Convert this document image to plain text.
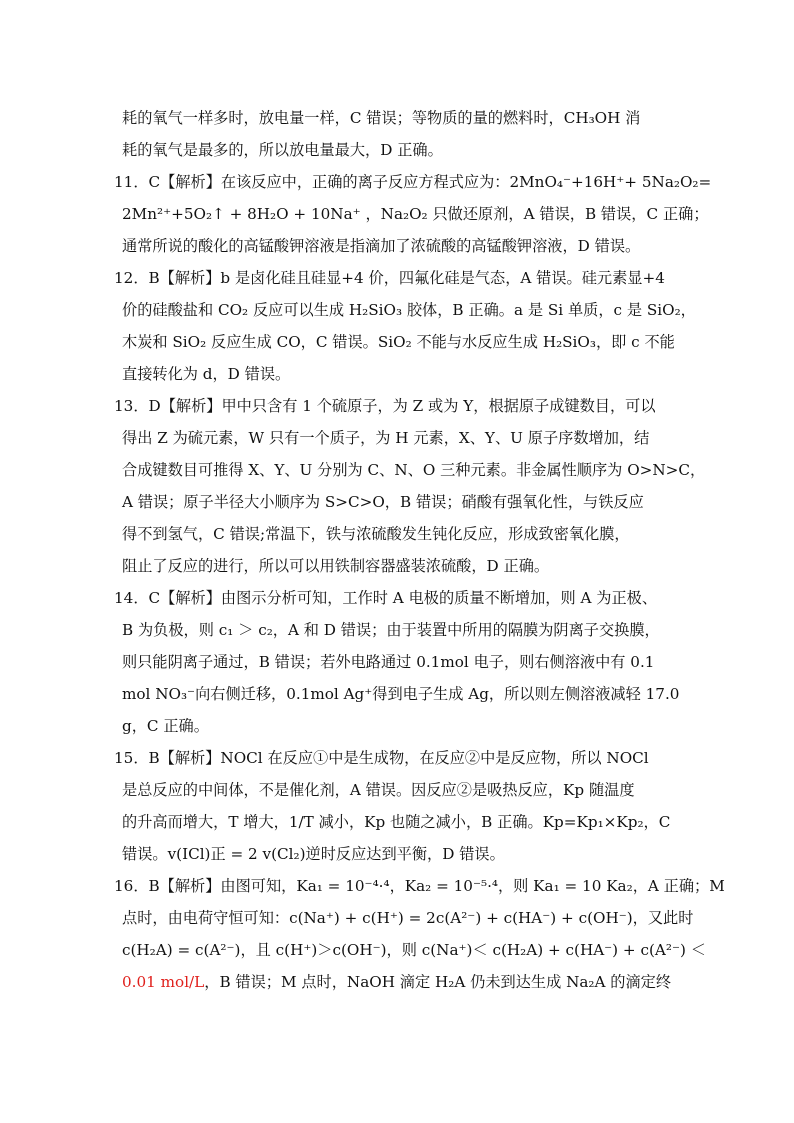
耗的氧气一样多时，放电量一样，C 错误；等物质的量的燃料时，CH₃OH 消
耗的氧气是最多的，所以放电量最大，D 正确。
11．C【解析】在该反应中，正确的离子反应方程式应为：2MnO₄⁻+16H⁺+ 5Na₂O₂=
2Mn²⁺+5O₂↑ + 8H₂O + 10Na⁺ ，Na₂O₂ 只做还原剂，A 错误，B 错误，C 正确；
通常所说的酸化的高锰酸钾溶液是指滴加了浓硫酸的高锰酸钾溶液，D 错误。
12．B【解析】b 是卤化硅且硅显+4 价，四氟化硅是气态，A 错误。硅元素显+4
价的硅酸盐和 CO₂ 反应可以生成 H₂SiO₃ 胶体，B 正确。a 是 Si 单质，c 是 SiO₂，
木炭和 SiO₂ 反应生成 CO，C 错误。SiO₂ 不能与水反应生成 H₂SiO₃，即 c 不能
直接转化为 d，D 错误。
13．D【解析】甲中只含有 1 个硫原子，为 Z 或为 Y，根据原子成键数目，可以
得出 Z 为硫元素，W 只有一个质子，为 H 元素，X、Y、U 原子序数增加，结
合成键数目可推得 X、Y、U 分别为 C、N、O 三种元素。非金属性顺序为 O>N>C，
A 错误；原子半径大小顺序为 S>C>O，B 错误；硝酸有强氧化性，与铁反应
得不到氢气，C 错误;常温下，铁与浓硫酸发生钝化反应，形成致密氧化膜，
阻止了反应的进行，所以可以用铁制容器盛装浓硫酸，D 正确。
14．C【解析】由图示分析可知，工作时 A 电极的质量不断增加，则 A 为正极、
B 为负极，则 c₁ ＞ c₂，A 和 D 错误；由于装置中所用的隔膜为阴离子交换膜，
则只能阴离子通过，B 错误；若外电路通过 0.1mol 电子，则右侧溶液中有 0.1
mol NO₃⁻向右侧迁移，0.1mol Ag⁺得到电子生成 Ag，所以则左侧溶液减轻 17.0
g，C 正确。
15．B【解析】NOCl 在反应①中是生成物，在反应②中是反应物，所以 NOCl
是总反应的中间体，不是催化剂，A 错误。因反应②是吸热反应，Kp 随温度
的升高而增大，T 增大，1/T 减小，Kp 也随之减小，B 正确。Kp=Kp₁×Kp₂，C
错误。v(ICl)正 = 2 v(Cl₂)逆时反应达到平衡，D 错误。
16．B【解析】由图可知，Ka₁ = 10⁻⁴·⁴，Ka₂ = 10⁻⁵·⁴，则 Ka₁ = 10 Ka₂，A 正确；M
点时，由电荷守恒可知：c(Na⁺) + c(H⁺) = 2c(A²⁻) + c(HA⁻) + c(OH⁻)，又此时
c(H₂A) = c(A²⁻)，且 c(H⁺)＞c(OH⁻)，则 c(Na⁺)＜ c(H₂A) + c(HA⁻) + c(A²⁻) ＜
0.01 mol/L，B 错误；M 点时，NaOH 滴定 H₂A 仍未到达生成 Na₂A 的滴定终
